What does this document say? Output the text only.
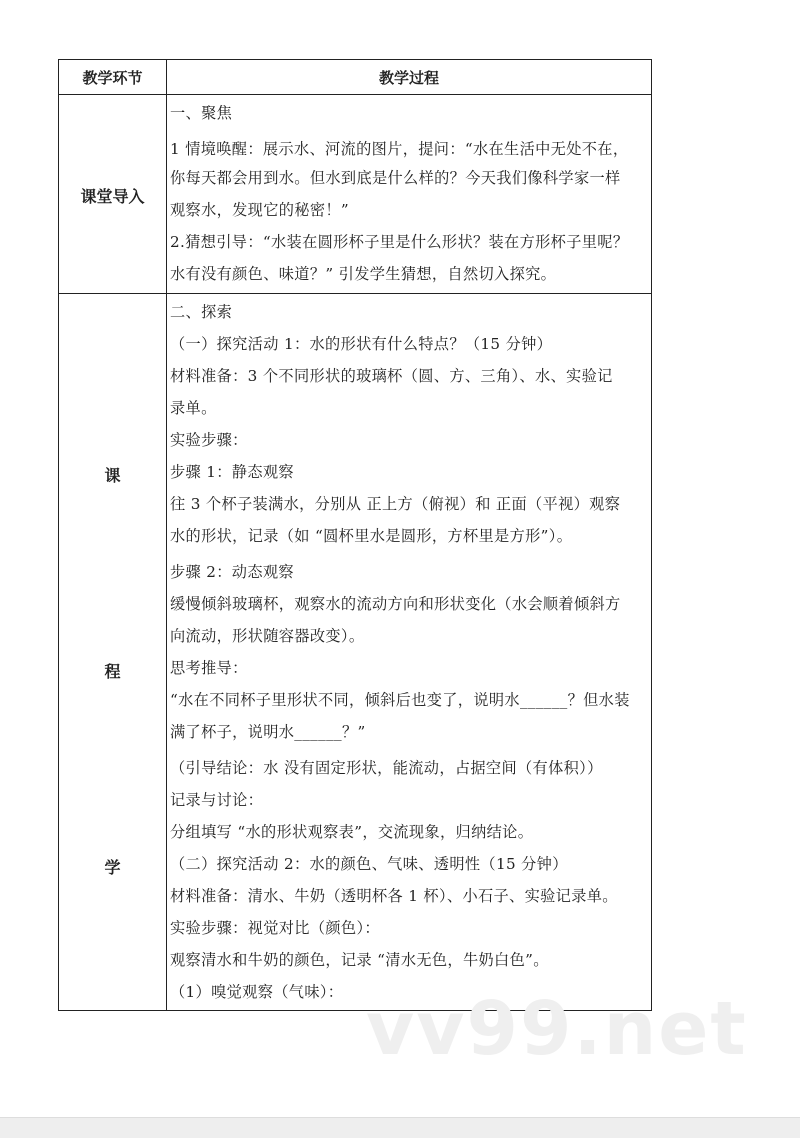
教学环节	教学过程
课堂导入
课
程
学
一、聚焦
1 情境唤醒：展示水、河流的图片，提问：“水在生活中无处不在，
你每天都会用到水。但水到底是什么样的？今天我们像科学家一样
观察水，发现它的秘密！”
2.猜想引导：“水装在圆形杯子里是什么形状？装在方形杯子里呢？
水有没有颜色、味道？” 引发学生猜想，自然切入探究。
二、探索
（一）探究活动 1：水的形状有什么特点？（15 分钟）
材料准备：3 个不同形状的玻璃杯（圆、方、三角）、水、实验记
录单。
实验步骤：
步骤 1：静态观察
往 3 个杯子装满水，分别从 正上方（俯视）和 正面（平视）观察
水的形状，记录（如 “圆杯里水是圆形，方杯里是方形”）。
步骤 2：动态观察
缓慢倾斜玻璃杯，观察水的流动方向和形状变化（水会顺着倾斜方
向流动，形状随容器改变）。
思考推导：
“水在不同杯子里形状不同，倾斜后也变了，说明水______？但水装
满了杯子，说明水______？”
（引导结论：水 没有固定形状，能流动，占据空间（有体积））
记录与讨论：
分组填写 “水的形状观察表”，交流现象，归纳结论。
（二）探究活动 2：水的颜色、气味、透明性（15 分钟）
材料准备：清水、牛奶（透明杯各 1 杯）、小石子、实验记录单。
实验步骤：视觉对比（颜色）：
观察清水和牛奶的颜色，记录 “清水无色，牛奶白色”。
（1）嗅觉观察（气味）： vv99.net
